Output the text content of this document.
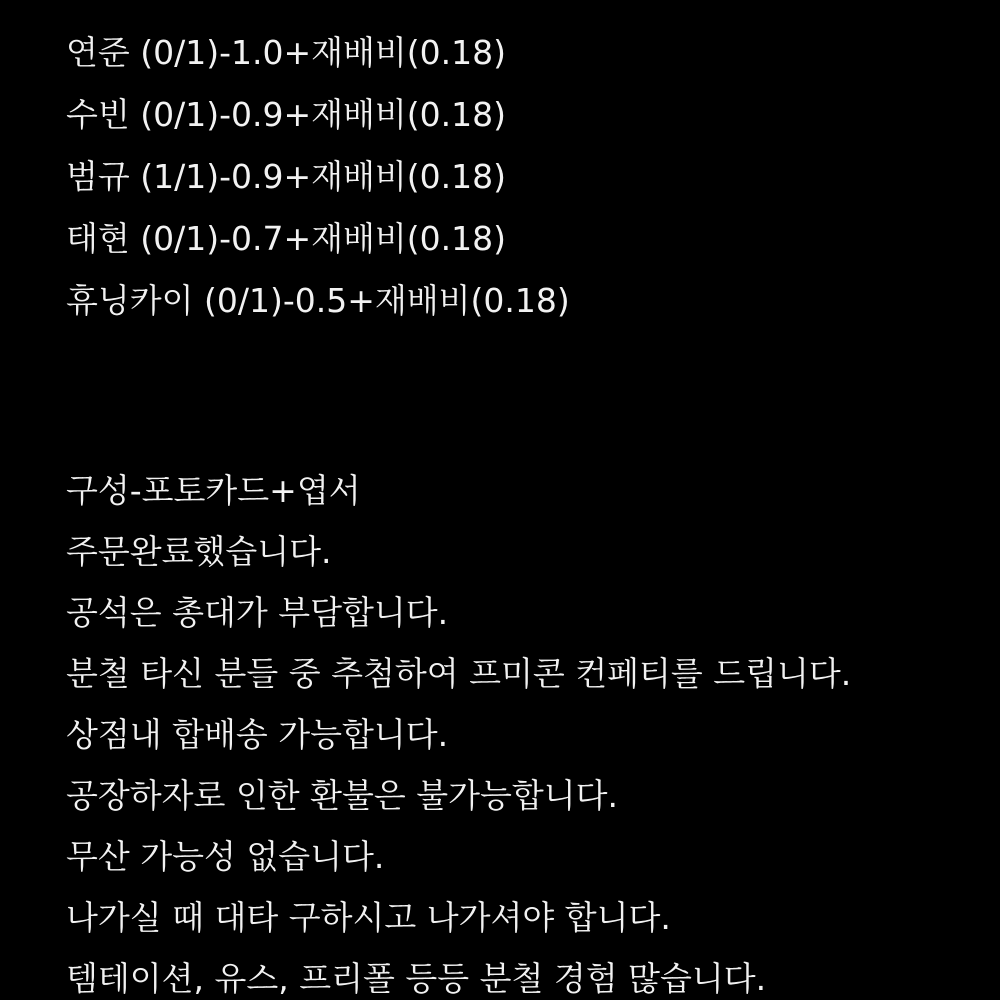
연준 (0/1)-1.0+재배비(0.18)
수빈 (0/1)-0.9+재배비(0.18)
범규 (1/1)-0.9+재배비(0.18)
태현 (0/1)-0.7+재배비(0.18)
휴닝카이 (0/1)-0.5+재배비(0.18)
구성-포토카드+엽서
주문완료했습니다.
공석은 총대가 부담합니다.
분철 타신 분들 중 추첨하여 프미콘 컨페티를 드립니다.
상점내 합배송 가능합니다.
공장하자로 인한 환불은 불가능합니다.
무산 가능성 없습니다.
나가실 때 대타 구하시고 나가셔야 합니다.
템테이션, 유스, 프리폴 등등 분철 경험 많습니다.
